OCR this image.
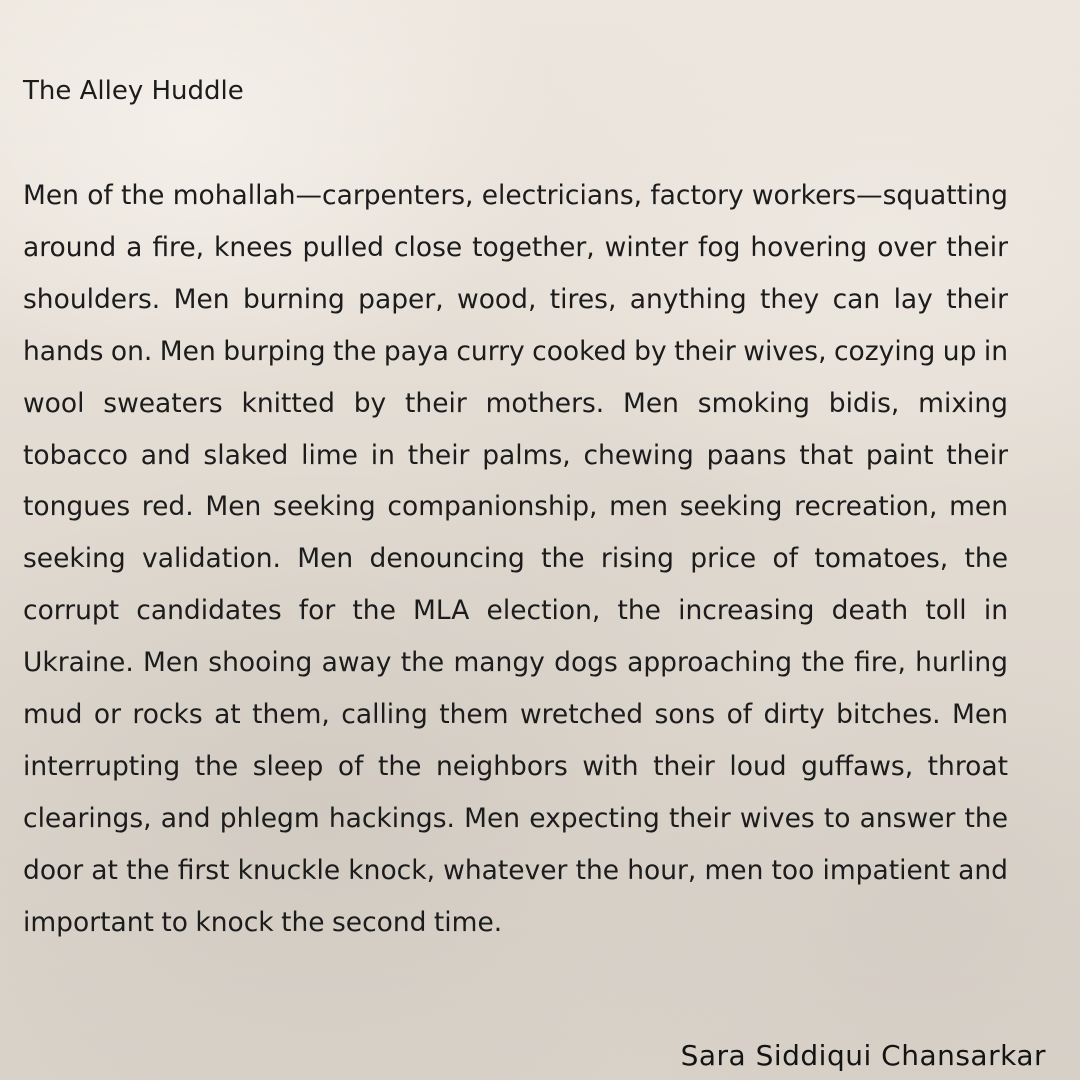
The Alley Huddle

Men of the mohallah—carpenters, electricians, factory workers—squatting around a fire, knees pulled close together, winter fog hovering over their shoulders. Men burning paper, wood, tires, anything they can lay their hands on. Men burping the paya curry cooked by their wives, cozying up in wool sweaters knitted by their mothers. Men smoking bidis, mixing tobacco and slaked lime in their palms, chewing paans that paint their tongues red. Men seeking companionship, men seeking recreation, men seeking validation. Men denouncing the rising price of tomatoes, the corrupt candidates for the MLA election, the increasing death toll in Ukraine. Men shooing away the mangy dogs approaching the fire, hurling mud or rocks at them, calling them wretched sons of dirty bitches. Men interrupting the sleep of the neighbors with their loud guffaws, throat clearings, and phlegm hackings. Men expecting their wives to answer the door at the first knuckle knock, whatever the hour, men too impatient and important to knock the second time.

Sara Siddiqui Chansarkar
